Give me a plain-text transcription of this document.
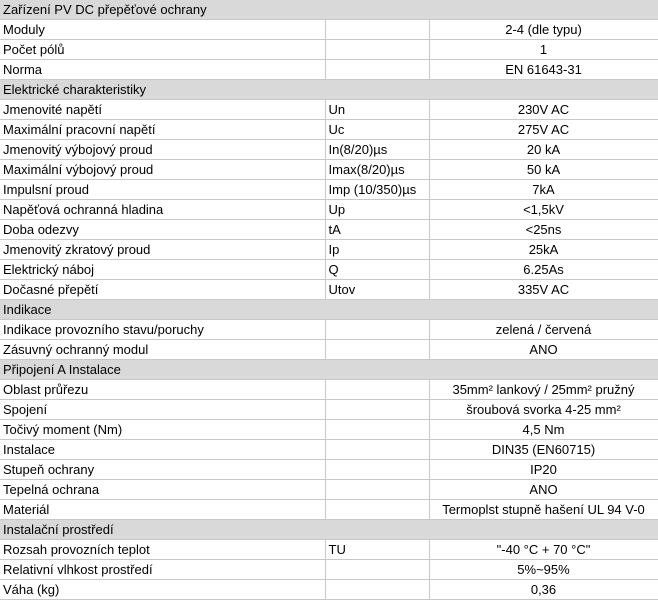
Zařízení PV DC přepěťové ochrany		
Moduly		2-4 (dle typu)
Počet pólů		1
Norma		EN 61643-31
Elektrické charakteristiky		
Jmenovité napětí	Un	230V AC
Maximální pracovní napětí	Uc	275V AC
Jmenovitý výbojový proud	In(8/20)µs	20 kA
Maximální výbojový proud	Imax(8/20)µs	50 kA
Impulsní proud	Imp (10/350)µs	7kA
Napěťová ochranná hladina	Up	<1,5kV
Doba odezvy	tA	<25ns
Jmenovitý zkratový proud	Ip	25kA
Elektrický náboj	Q	6.25As
Dočasné přepětí	Utov	335V AC
Indikace		
Indikace provozního stavu/poruchy		zelená / červená
Zásuvný ochranný modul		ANO
Připojení A Instalace		
Oblast průřezu		35mm² lankový / 25mm² pružný
Spojení		šroubová svorka 4-25 mm²
Točivý moment (Nm)		4,5 Nm
Instalace		DIN35 (EN60715)
Stupeň ochrany		IP20
Tepelná ochrana		ANO
Materiál		Termoplst stupně hašení UL 94 V-0
Instalační prostředí		
Rozsah provozních teplot	TU	"-40 °C + 70 °C"
Relativní vlhkost prostředí		5%~95%
Váha (kg)		0,36
